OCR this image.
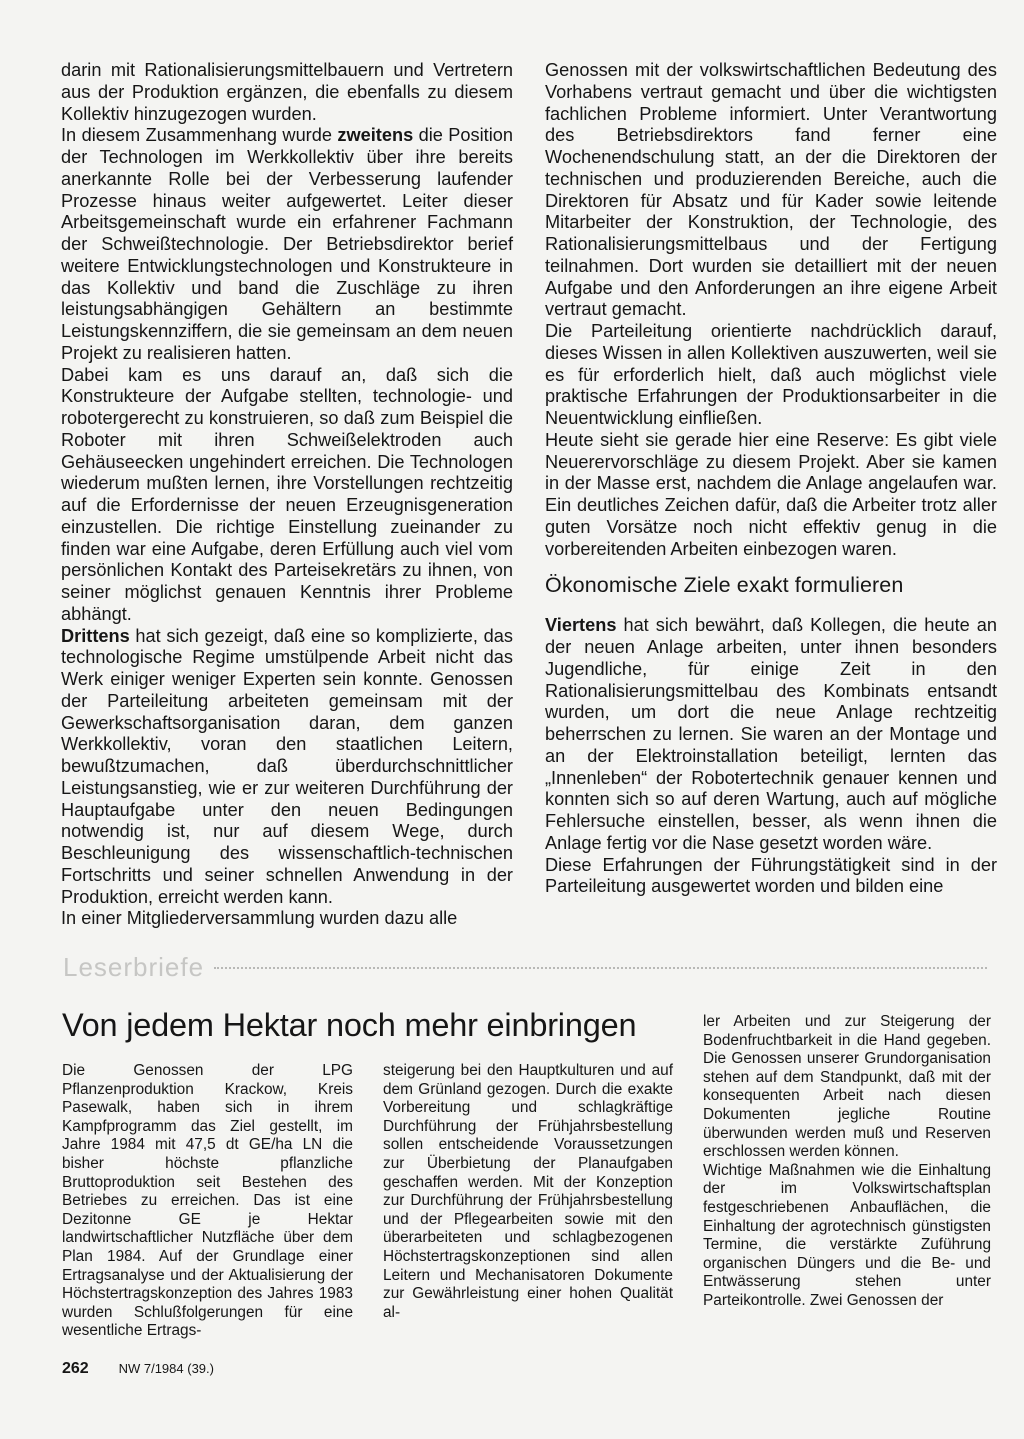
darin mit Rationalisierungsmittelbauern und Vertretern aus der Produktion ergänzen, die ebenfalls zu diesem Kollektiv hinzugezogen wurden.

In diesem Zusammenhang wurde zweitens die Position der Technologen im Werkkollektiv über ihre bereits anerkannte Rolle bei der Verbesserung laufender Prozesse hinaus weiter aufgewertet. Leiter dieser Arbeitsgemeinschaft wurde ein erfahrener Fachmann der Schweißtechnologie. Der Betriebsdirektor berief weitere Entwicklungstechnologen und Konstrukteure in das Kollektiv und band die Zuschläge zu ihren leistungsabhängigen Gehältern an bestimmte Leistungskennziffern, die sie gemeinsam an dem neuen Projekt zu realisieren hatten.

Dabei kam es uns darauf an, daß sich die Konstrukteure der Aufgabe stellten, technologie- und robotergerecht zu konstruieren, so daß zum Beispiel die Roboter mit ihren Schweißelektroden auch Gehäuseecken ungehindert erreichen. Die Technologen wiederum mußten lernen, ihre Vorstellungen rechtzeitig auf die Erfordernisse der neuen Erzeugnisgeneration einzustellen. Die richtige Einstellung zueinander zu finden war eine Aufgabe, deren Erfüllung auch viel vom persönlichen Kontakt des Parteisekretärs zu ihnen, von seiner möglichst genauen Kenntnis ihrer Probleme abhängt.

Drittens hat sich gezeigt, daß eine so komplizierte, das technologische Regime umstülpende Arbeit nicht das Werk einiger weniger Experten sein konnte. Genossen der Parteileitung arbeiteten gemeinsam mit der Gewerkschaftsorganisation daran, dem ganzen Werkkollektiv, voran den staatlichen Leitern, bewußtzumachen, daß überdurchschnittlicher Leistungsanstieg, wie er zur weiteren Durchführung der Hauptaufgabe unter den neuen Bedingungen notwendig ist, nur auf diesem Wege, durch Beschleunigung des wissenschaftlich-technischen Fortschritts und seiner schnellen Anwendung in der Produktion, erreicht werden kann.

In einer Mitgliederversammlung wurden dazu alle

Genossen mit der volkswirtschaftlichen Bedeutung des Vorhabens vertraut gemacht und über die wichtigsten fachlichen Probleme informiert. Unter Verantwortung des Betriebsdirektors fand ferner eine Wochenendschulung statt, an der die Direktoren der technischen und produzierenden Bereiche, auch die Direktoren für Absatz und für Kader sowie leitende Mitarbeiter der Konstruktion, der Technologie, des Rationalisierungsmittelbaus und der Fertigung teilnahmen. Dort wurden sie detailliert mit der neuen Aufgabe und den Anforderungen an ihre eigene Arbeit vertraut gemacht.

Die Parteileitung orientierte nachdrücklich darauf, dieses Wissen in allen Kollektiven auszuwerten, weil sie es für erforderlich hielt, daß auch möglichst viele praktische Erfahrungen der Produktionsarbeiter in die Neuentwicklung einfließen.

Heute sieht sie gerade hier eine Reserve: Es gibt viele Neuerervorschläge zu diesem Projekt. Aber sie kamen in der Masse erst, nachdem die Anlage angelaufen war. Ein deutliches Zeichen dafür, daß die Arbeiter trotz aller guten Vorsätze noch nicht effektiv genug in die vorbereitenden Arbeiten einbezogen waren.

Ökonomische Ziele exakt formulieren

Viertens hat sich bewährt, daß Kollegen, die heute an der neuen Anlage arbeiten, unter ihnen besonders Jugendliche, für einige Zeit in den Rationalisierungsmittelbau des Kombinats entsandt wurden, um dort die neue Anlage rechtzeitig beherrschen zu lernen. Sie waren an der Montage und an der Elektroinstallation beteiligt, lernten das „Innenleben“ der Robotertechnik genauer kennen und konnten sich so auf deren Wartung, auch auf mögliche Fehlersuche einstellen, besser, als wenn ihnen die Anlage fertig vor die Nase gesetzt worden wäre.

Diese Erfahrungen der Führungstätigkeit sind in der Parteileitung ausgewertet worden und bilden eine

Leserbriefe
Von jedem Hektar noch mehr einbringen

Die Genossen der LPG Pflanzenproduktion Krackow, Kreis Pasewalk, haben sich in ihrem Kampfprogramm das Ziel gestellt, im Jahre 1984 mit 47,5 dt GE/ha LN die bisher höchste pflanzliche Bruttoproduktion seit Bestehen des Betriebes zu erreichen. Das ist eine Dezitonne GE je Hektar landwirtschaftlicher Nutzfläche über dem Plan 1984. Auf der Grundlage einer Ertragsanalyse und der Aktualisierung der Höchstertragskonzeption des Jahres 1983 wurden Schlußfolgerungen für eine wesentliche Ertrags-

steigerung bei den Hauptkulturen und auf dem Grünland gezogen. Durch die exakte Vorbereitung und schlagkräftige Durchführung der Frühjahrsbestellung sollen entscheidende Voraussetzungen zur Überbietung der Planaufgaben geschaffen werden. Mit der Konzeption zur Durchführung der Frühjahrsbestellung und der Pflegearbeiten sowie mit den überarbeiteten und schlagbezogenen Höchstertragskonzeptionen sind allen Leitern und Mechanisatoren Dokumente zur Gewährleistung einer hohen Qualität al-

ler Arbeiten und zur Steigerung der Bodenfruchtbarkeit in die Hand gegeben. Die Genossen unserer Grundorganisation stehen auf dem Standpunkt, daß mit der konsequenten Arbeit nach diesen Dokumenten jegliche Routine überwunden werden muß und Reserven erschlossen werden können.

Wichtige Maßnahmen wie die Einhaltung der im Volkswirtschaftsplan festgeschriebenen Anbauflächen, die Einhaltung der agrotechnisch günstigsten Termine, die verstärkte Zuführung organischen Düngers und die Be- und Entwässerung stehen unter Parteikontrolle. Zwei Genossen der

262 NW 7/1984 (39.)
